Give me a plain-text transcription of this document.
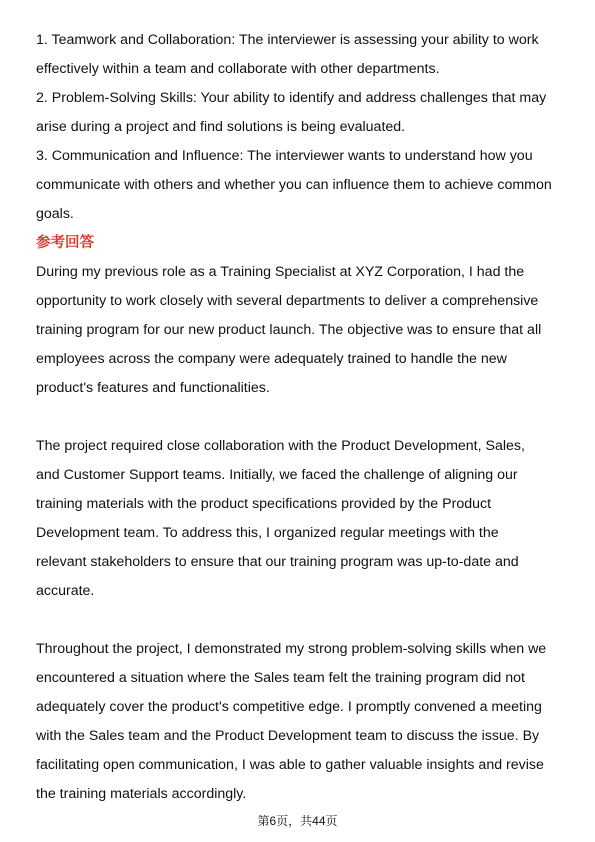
1. Teamwork and Collaboration: The interviewer is assessing your ability to work

effectively within a team and collaborate with other departments.

2. Problem-Solving Skills: Your ability to identify and address challenges that may

arise during a project and find solutions is being evaluated.

3. Communication and Influence: The interviewer wants to understand how you

communicate with others and whether you can influence them to achieve common

goals.

参考回答

During my previous role as a Training Specialist at XYZ Corporation, I had the

opportunity to work closely with several departments to deliver a comprehensive

training program for our new product launch. The objective was to ensure that all

employees across the company were adequately trained to handle the new

product's features and functionalities.

The project required close collaboration with the Product Development, Sales,

and Customer Support teams. Initially, we faced the challenge of aligning our

training materials with the product specifications provided by the Product

Development team. To address this, I organized regular meetings with the

relevant stakeholders to ensure that our training program was up-to-date and

accurate.

Throughout the project, I demonstrated my strong problem-solving skills when we

encountered a situation where the Sales team felt the training program did not

adequately cover the product's competitive edge. I promptly convened a meeting

with the Sales team and the Product Development team to discuss the issue. By

facilitating open communication, I was able to gather valuable insights and revise

the training materials accordingly.

第6页，共44页
